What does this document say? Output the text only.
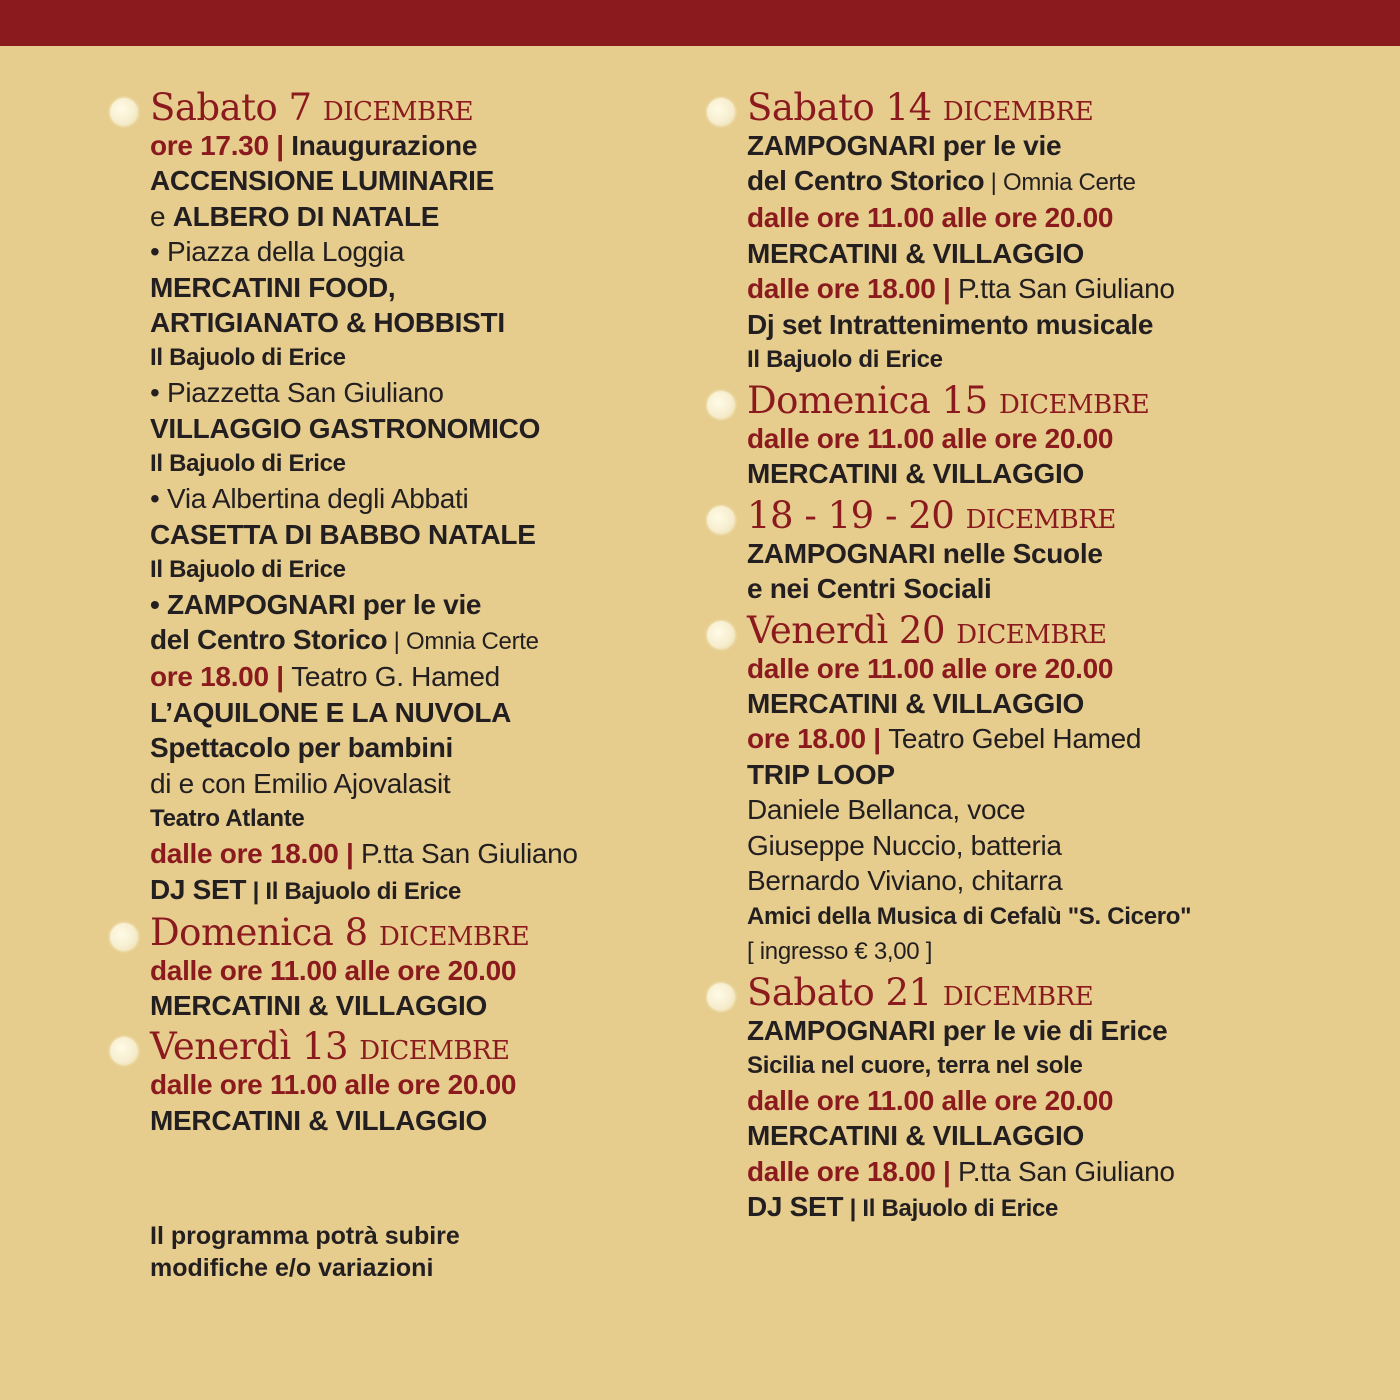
Sabato 7 dicembre
ore 17.30 | Inaugurazione
ACCENSIONE LUMINARIE
e ALBERO DI NATALE
• Piazza della Loggia
MERCATINI FOOD,
ARTIGIANATO & HOBBISTI
Il Bajuolo di Erice
• Piazzetta San Giuliano
VILLAGGIO GASTRONOMICO
Il Bajuolo di Erice
• Via Albertina degli Abbati
CASETTA DI BABBO NATALE
Il Bajuolo di Erice
• ZAMPOGNARI per le vie
del Centro Storico | Omnia Certe
ore 18.00 | Teatro G. Hamed
L’AQUILONE E LA NUVOLA
Spettacolo per bambini
di e con Emilio Ajovalasit
Teatro Atlante
dalle ore 18.00 | P.tta San Giuliano
DJ SET | Il Bajuolo di Erice
Domenica 8 dicembre
dalle ore 11.00 alle ore 20.00
MERCATINI & VILLAGGIO
Venerdì 13 dicembre
dalle ore 11.00 alle ore 20.00
MERCATINI & VILLAGGIO
Il programma potrà subire
modifiche e/o variazioni
Sabato 14 dicembre
ZAMPOGNARI per le vie
del Centro Storico | Omnia Certe
dalle ore 11.00 alle ore 20.00
MERCATINI & VILLAGGIO
dalle ore 18.00 | P.tta San Giuliano
Dj set Intrattenimento musicale
Il Bajuolo di Erice
Domenica 15 dicembre
dalle ore 11.00 alle ore 20.00
MERCATINI & VILLAGGIO
18 - 19 - 20 dicembre
ZAMPOGNARI nelle Scuole
e nei Centri Sociali
Venerdì 20 dicembre
dalle ore 11.00 alle ore 20.00
MERCATINI & VILLAGGIO
ore 18.00 | Teatro Gebel Hamed
TRIP LOOP
Daniele Bellanca, voce
Giuseppe Nuccio, batteria
Bernardo Viviano, chitarra
Amici della Musica di Cefalù "S. Cicero"
[ ingresso € 3,00 ]
Sabato 21 dicembre
ZAMPOGNARI per le vie di Erice
Sicilia nel cuore, terra nel sole
dalle ore 11.00 alle ore 20.00
MERCATINI & VILLAGGIO
dalle ore 18.00 | P.tta San Giuliano
DJ SET | Il Bajuolo di Erice
